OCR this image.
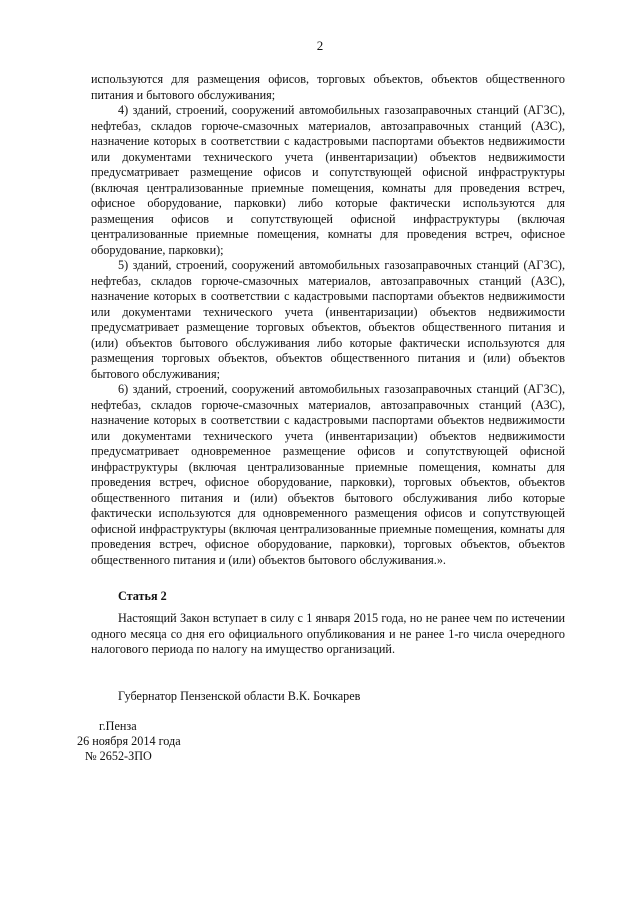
2

используются для размещения офисов, торговых объектов, объектов общественного питания и бытового обслуживания;

4) зданий, строений, сооружений автомобильных газозаправочных станций (АГЗС), нефтебаз, складов горюче-смазочных материалов, автозаправочных станций (АЗС), назначение которых в соответствии с кадастровыми паспортами объектов недвижимости или документами технического учета (инвентаризации) объектов недвижимости предусматривает размещение офисов и сопутствующей офисной инфраструктуры (включая централизованные приемные помещения, комнаты для проведения встреч, офисное оборудование, парковки) либо которые фактически используются для размещения офисов и сопутствующей офисной инфраструктуры (включая централизованные приемные помещения, комнаты для проведения встреч, офисное оборудование, парковки);

5) зданий, строений, сооружений автомобильных газозаправочных станций (АГЗС), нефтебаз, складов горюче-смазочных материалов, автозаправочных станций (АЗС), назначение которых в соответствии с кадастровыми паспортами объектов недвижимости или документами технического учета (инвентаризации) объектов недвижимости предусматривает размещение торговых объектов, объектов общественного питания и (или) объектов бытового обслуживания либо которые фактически используются для размещения торговых объектов, объектов общественного питания и (или) объектов бытового обслуживания;

6) зданий, строений, сооружений автомобильных газозаправочных станций (АГЗС), нефтебаз, складов горюче-смазочных материалов, автозаправочных станций (АЗС), назначение которых в соответствии с кадастровыми паспортами объектов недвижимости или документами технического учета (инвентаризации) объектов недвижимости предусматривает одновременное размещение офисов и сопутствующей офисной инфраструктуры (включая централизованные приемные помещения, комнаты для проведения встреч, офисное оборудование, парковки), торговых объектов, объектов общественного питания и (или) объектов бытового обслуживания либо которые фактически используются для одновременного размещения офисов и сопутствующей офисной инфраструктуры (включая централизованные приемные помещения, комнаты для проведения встреч, офисное оборудование, парковки), торговых объектов, объектов общественного питания и (или) объектов бытового обслуживания.».

Статья 2

Настоящий Закон вступает в силу с 1 января 2015 года, но не ранее чем по истечении одного месяца со дня его официального опубликования и не ранее 1-го числа очередного налогового периода по налогу на имущество организаций.

Губернатор Пензенской области В.К. Бочкарев
г.Пенза
26 ноября 2014 года
№ 2652-ЗПО
